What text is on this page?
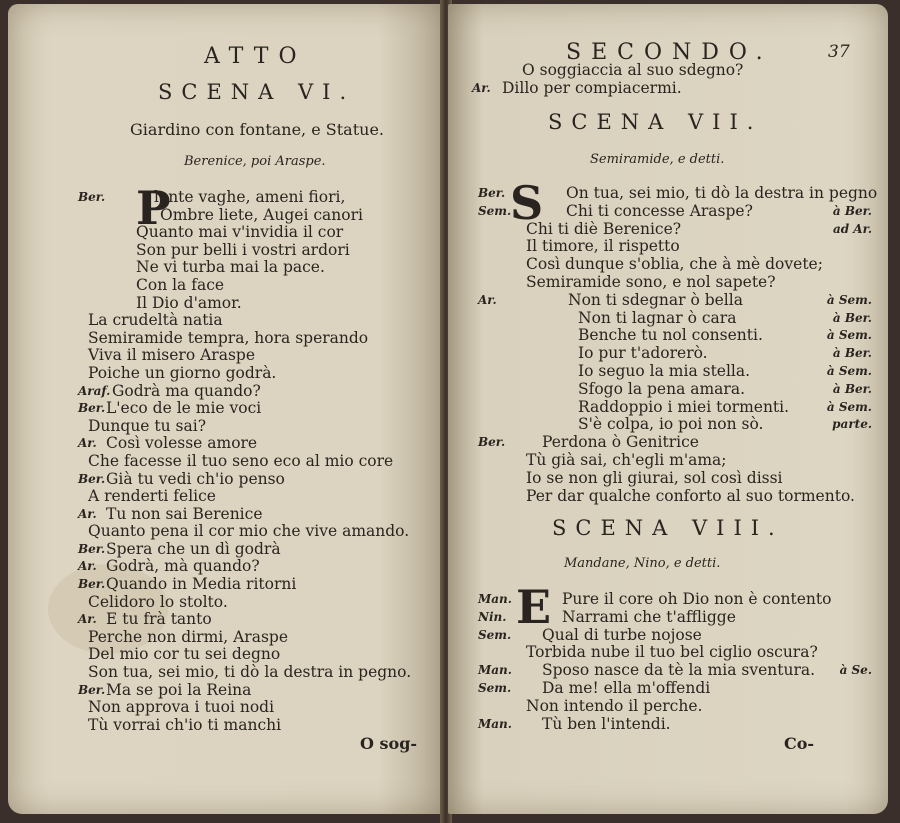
ATTO
SCENA VI.
Giardino con fontane, e Statue.
Berenice, poi Araspe.
P
Ber.	lante vaghe, ameni fiori,
Ombre liete, Augei canori
Quanto mai v'invidia il cor
Son pur belli i vostri ardori
Ne vi turba mai la pace.
Con la face
Il Dio d'amor.
La crudeltà natia
Semiramide tempra, hora sperando
Viva il misero Araspe
Poiche un giorno godrà.
Araf. Godrà ma quando?
Ber. L'eco de le mie voci
Dunque tu sai?
Ar. Così volesse amore
Che facesse il tuo seno eco al mio core
Ber. Già tu vedi ch'io penso
A renderti felice
Ar. Tu non sai Berenice
Quanto pena il cor mio che vive amando.
Ber. Spera che un dì godrà
Ar. Godrà, mà quando?
Ber. Quando in Media ritorni
Celidoro lo stolto.
Ar. E tu frà tanto
Perche non dirmi, Araspe
Del mio cor tu sei degno
Son tua, sei mio, ti dò la destra in pegno.
Ber. Ma se poi la Reina
Non approva i tuoi nodi
Tù vorrai ch'io ti manchi
O sog-
SECONDO.	37
O soggiaccia al suo sdegno?
Ar. Dillo per compiacermi.
SCENA VII.
Semiramide, e detti.
S
Ber.	On tua, sei mio, ti dò la destra in pegno
Sem.	Chi ti concesse Araspe?	à Ber.
Chi ti diè Berenice?	ad Ar.
Il timore, il rispetto
Così dunque s'oblia, che à mè dovete;
Semiramide sono, e nol sapete?
Ar.	Non ti sdegnar ò bella	à Sem.
Non ti lagnar ò cara	à Ber.
Benche tu nol consenti.	à Sem.
Io pur t'adorerò.	à Ber.
Io seguo la mia stella.	à Sem.
Sfogo la pena amara.	à Ber.
Raddoppio i miei tormenti.	à Sem.
S'è colpa, io poi non sò.	parte.
Ber. Perdona ò Genitrice
Tù già sai, ch'egli m'ama;
Io se non gli giurai, sol così dissi
Per dar qualche conforto al suo tormento.
SCENA VIII.
Mandane, Nino, e detti.
E
Man.	Pure il core oh Dio non è contento
Nin.	Narrami che t'affligge
Sem. Qual di turbe nojose
Torbida nube il tuo bel ciglio oscura?
Man. Sposo nasce da tè la mia sventura. à Se.
Sem. Da me! ella m'offendi
Non intendo il perche.
Man. Tù ben l'intendi.
Co-
